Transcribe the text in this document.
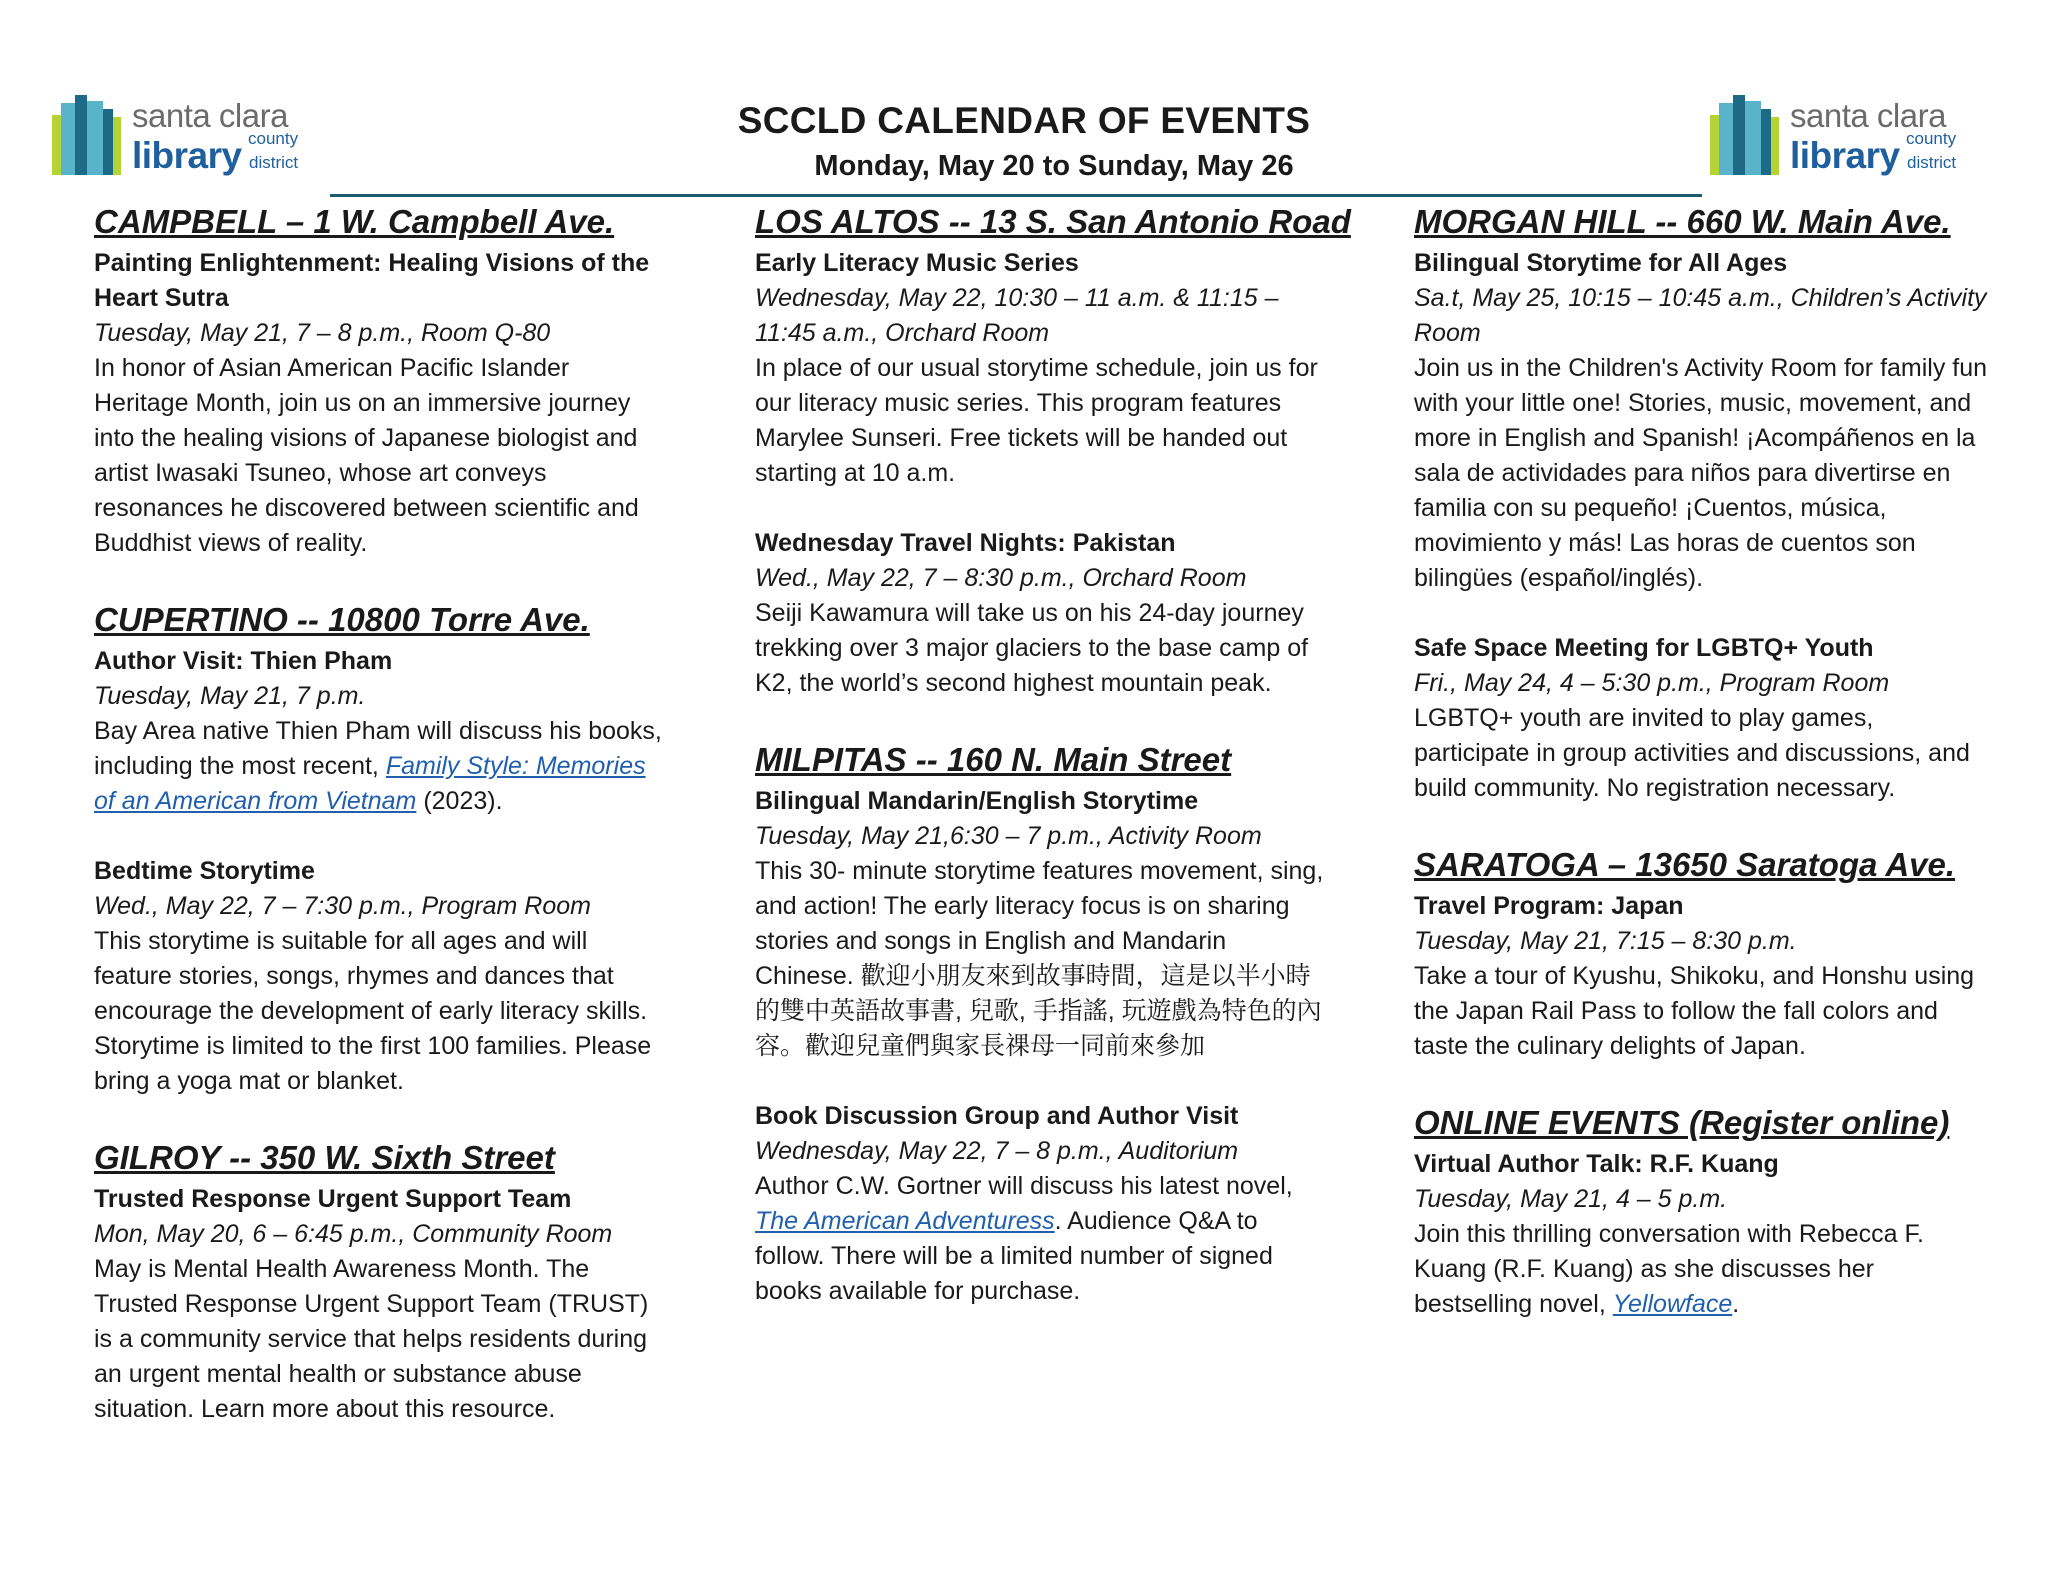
santa clara
county
library district
santa clara
county
library district
SCCLD CALENDAR OF EVENTS
Monday, May 20 to Sunday, May 26
CAMPBELL – 1 W. Campbell Ave.
Painting Enlightenment: Healing Visions of the Heart Sutra
Tuesday, May 21, 7 – 8 p.m., Room Q-80
In honor of Asian American Pacific Islander Heritage Month, join us on an immersive journey into the healing visions of Japanese biologist and artist Iwasaki Tsuneo, whose art conveys resonances he discovered between scientific and Buddhist views of reality.
CUPERTINO -- 10800 Torre Ave.
Author Visit: Thien Pham
Tuesday, May 21, 7 p.m.
Bay Area native Thien Pham will discuss his books, including the most recent, Family Style: Memories of an American from Vietnam (2023).
Bedtime Storytime
Wed., May 22, 7 – 7:30 p.m., Program Room
This storytime is suitable for all ages and will feature stories, songs, rhymes and dances that encourage the development of early literacy skills. Storytime is limited to the first 100 families. Please bring a yoga mat or blanket.
GILROY -- 350 W. Sixth Street
Trusted Response Urgent Support Team
Mon, May 20, 6 – 6:45 p.m., Community Room
May is Mental Health Awareness Month. The Trusted Response Urgent Support Team (TRUST) is a community service that helps residents during an urgent mental health or substance abuse situation. Learn more about this resource.
LOS ALTOS -- 13 S. San Antonio Road
Early Literacy Music Series
Wednesday, May 22, 10:30 – 11 a.m. & 11:15 – 11:45 a.m., Orchard Room
In place of our usual storytime schedule, join us for our literacy music series. This program features Marylee Sunseri. Free tickets will be handed out starting at 10 a.m.
Wednesday Travel Nights: Pakistan
Wed., May 22, 7 – 8:30 p.m., Orchard Room
Seiji Kawamura will take us on his 24-day journey trekking over 3 major glaciers to the base camp of K2, the world’s second highest mountain peak.
MILPITAS -- 160 N. Main Street
Bilingual Mandarin/English Storytime
Tuesday, May 21,6:30 – 7 p.m., Activity Room
This 30- minute storytime features movement, sing, and action! The early literacy focus is on sharing stories and songs in English and Mandarin Chinese. 歡迎小朋友來到故事時間，這是以半小時的雙中英語故事書, 兒歌, 手指謠, 玩遊戲為特色的內容。歡迎兒童們與家長祼母一同前來參加
Book Discussion Group and Author Visit
Wednesday, May 22, 7 – 8 p.m., Auditorium
Author C.W. Gortner will discuss his latest novel, The American Adventuress. Audience Q&A to follow. There will be a limited number of signed books available for purchase.
MORGAN HILL -- 660 W. Main Ave.
Bilingual Storytime for All Ages
Sa.t, May 25, 10:15 – 10:45 a.m., Children’s Activity Room
Join us in the Children's Activity Room for family fun with your little one! Stories, music, movement, and more in English and Spanish! ¡Acompáñenos en la sala de actividades para niños para divertirse en familia con su pequeño! ¡Cuentos, música, movimiento y más! Las horas de cuentos son bilingües (español/inglés).
Safe Space Meeting for LGBTQ+ Youth
Fri., May 24, 4 – 5:30 p.m., Program Room
LGBTQ+ youth are invited to play games, participate in group activities and discussions, and build community. No registration necessary.
SARATOGA – 13650 Saratoga Ave.
Travel Program: Japan
Tuesday, May 21, 7:15 – 8:30 p.m.
Take a tour of Kyushu, Shikoku, and Honshu using the Japan Rail Pass to follow the fall colors and taste the culinary delights of Japan.
ONLINE EVENTS (Register online)
Virtual Author Talk: R.F. Kuang
Tuesday, May 21, 4 – 5 p.m.
Join this thrilling conversation with Rebecca F. Kuang (R.F. Kuang) as she discusses her bestselling novel, Yellowface.
